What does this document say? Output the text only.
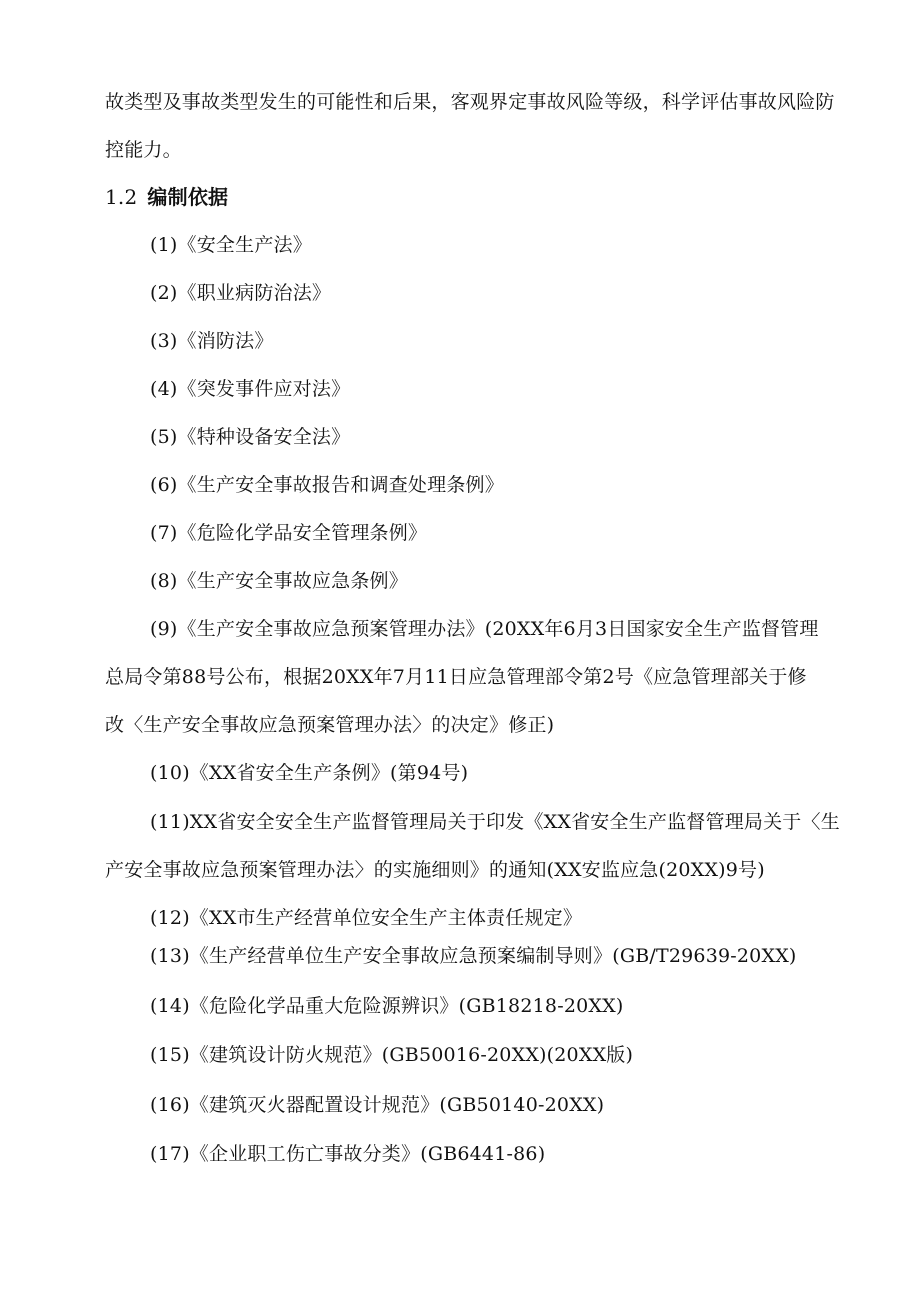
故类型及事故类型发生的可能性和后果，客观界定事故风险等级，科学评估事故风险防
控能力。
1.2 编制依据
(1)《安全生产法》
(2)《职业病防治法》
(3)《消防法》
(4)《突发事件应对法》
(5)《特种设备安全法》
(6)《生产安全事故报告和调查处理条例》
(7)《危险化学品安全管理条例》
(8)《生产安全事故应急条例》
(9)《生产安全事故应急预案管理办法》(20XX年6月3日国家安全生产监督管理
总局令第88号公布，根据20XX年7月11日应急管理部令第2号《应急管理部关于修
改〈生产安全事故应急预案管理办法〉的决定》修正)
(10)《XX省安全生产条例》(第94号)
(11)XX省安全安全生产监督管理局关于印发《XX省安全生产监督管理局关于〈生
产安全事故应急预案管理办法〉的实施细则》的通知(XX安监应急(20XX)9号)
(12)《XX市生产经营单位安全生产主体责任规定》
(13)《生产经营单位生产安全事故应急预案编制导则》(GB/T29639-20XX)
(14)《危险化学品重大危险源辨识》(GB18218-20XX)
(15)《建筑设计防火规范》(GB50016-20XX)(20XX版)
(16)《建筑灭火器配置设计规范》(GB50140-20XX)
(17)《企业职工伤亡事故分类》(GB6441-86)
